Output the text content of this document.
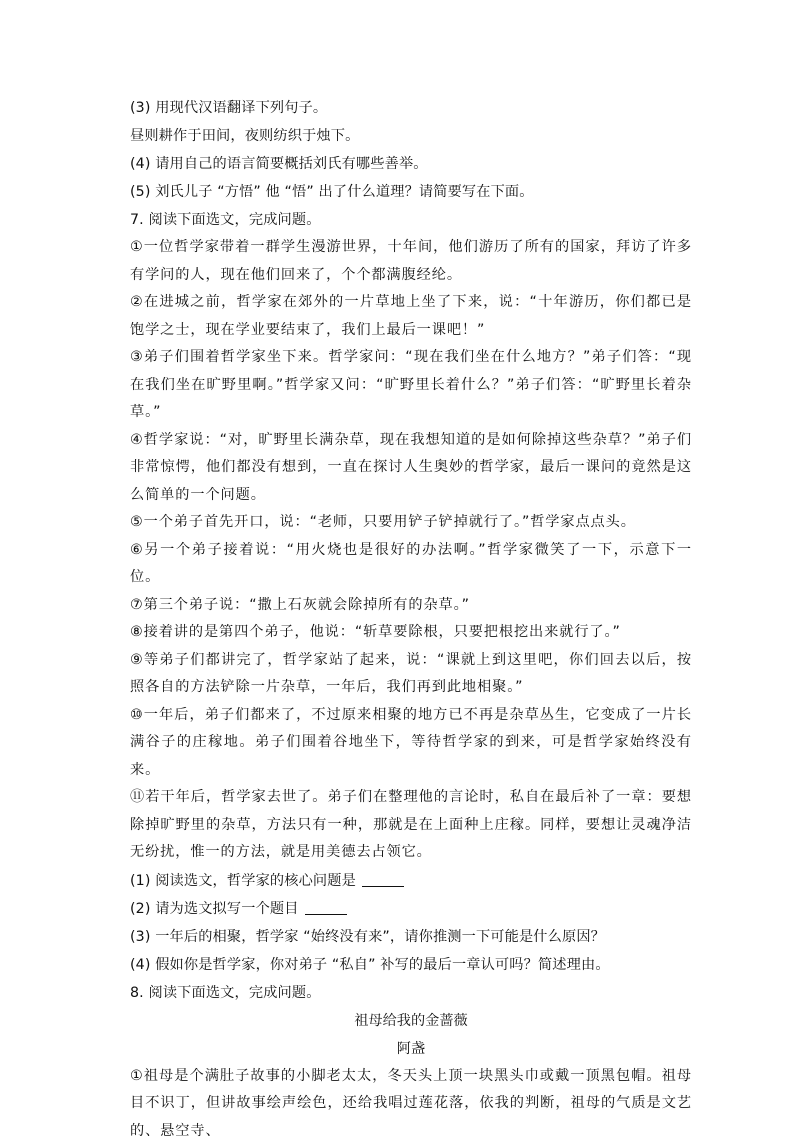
(3) 用现代汉语翻译下列句子。
昼则耕作于田间，夜则纺织于烛下。
(4) 请用自己的语言简要概括刘氏有哪些善举。
(5) 刘氏儿子 “方悟” 他 “悟” 出了什么道理？请简要写在下面。
7. 阅读下面选文，完成问题。

①一位哲学家带着一群学生漫游世界，十年间，他们游历了所有的国家，拜访了许多有学问的人，现在他们回来了，个个都满腹经纶。

②在进城之前，哲学家在郊外的一片草地上坐了下来，说：“十年游历，你们都已是饱学之士，现在学业要结束了，我们上最后一课吧！”

③弟子们围着哲学家坐下来。哲学家问：“现在我们坐在什么地方？”弟子们答：“现在我们坐在旷野里啊。”哲学家又问：“旷野里长着什么？”弟子们答：“旷野里长着杂草。”

④哲学家说：“对，旷野里长满杂草，现在我想知道的是如何除掉这些杂草？”弟子们非常惊愕，他们都没有想到，一直在探讨人生奥妙的哲学家，最后一课问的竟然是这么简单的一个问题。

⑤一个弟子首先开口，说：“老师，只要用铲子铲掉就行了。”哲学家点点头。

⑥另一个弟子接着说：“用火烧也是很好的办法啊。”哲学家微笑了一下，示意下一位。

⑦第三个弟子说：“撒上石灰就会除掉所有的杂草。”

⑧接着讲的是第四个弟子，他说：“斩草要除根，只要把根挖出来就行了。”

⑨等弟子们都讲完了，哲学家站了起来，说：“课就上到这里吧，你们回去以后，按照各自的方法铲除一片杂草，一年后，我们再到此地相聚。”

⑩一年后，弟子们都来了，不过原来相聚的地方已不再是杂草丛生，它变成了一片长满谷子的庄稼地。弟子们围着谷地坐下，等待哲学家的到来，可是哲学家始终没有来。

⑪若干年后，哲学家去世了。弟子们在整理他的言论时，私自在最后补了一章：要想除掉旷野里的杂草，方法只有一种，那就是在上面种上庄稼。同样，要想让灵魂净洁无纷扰，惟一的方法，就是用美德去占领它。

(1) 阅读选文，哲学家的核心问题是
(2) 请为选文拟写一个题目
(3) 一年后的相聚，哲学家 “始终没有来”，请你推测一下可能是什么原因？
(4) 假如你是哲学家，你对弟子 “私自” 补写的最后一章认可吗？简述理由。
8. 阅读下面选文，完成问题。
祖母给我的金蔷薇
阿盏

①祖母是个满肚子故事的小脚老太太，冬天头上顶一块黑头巾或戴一顶黑包帽。祖母目不识丁，但讲故事绘声绘色，还给我唱过莲花落，依我的判断，祖母的气质是文艺的、悬空寺、
